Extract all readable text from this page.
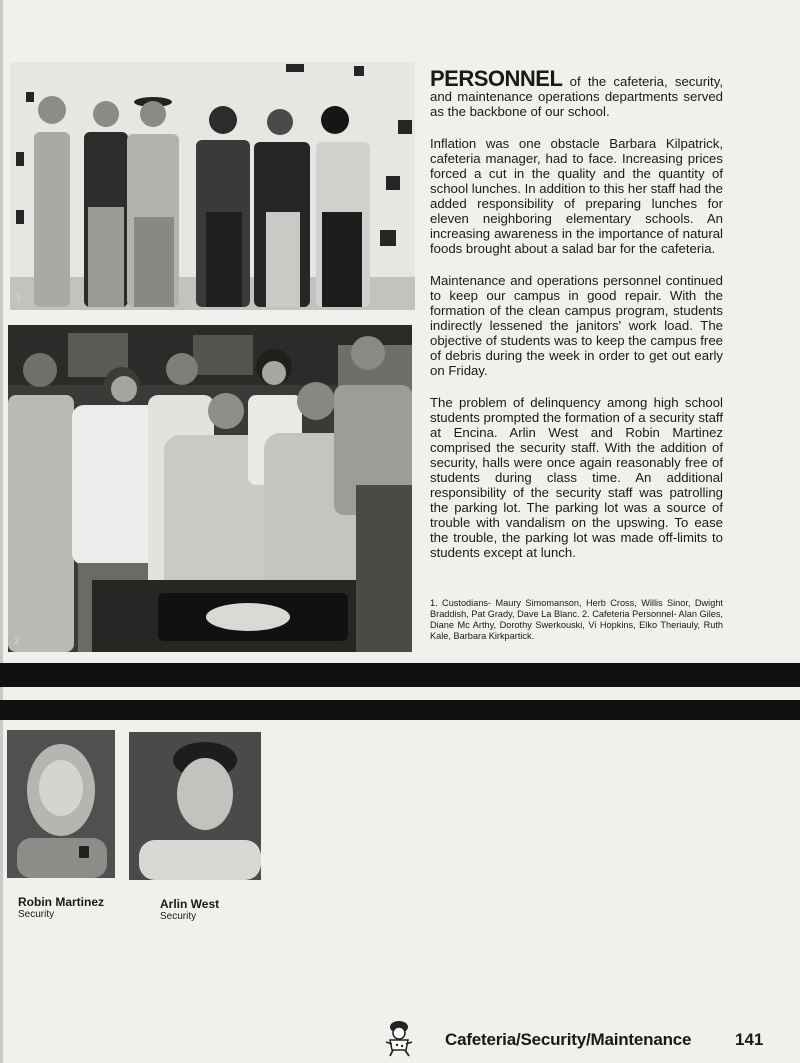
1
2

PERSONNEL of the cafeteria, security, and maintenance operations departments served as the backbone of our school.

Inflation was one obstacle Barbara Kilpatrick, cafeteria manager, had to face. Increasing prices forced a cut in the quality and the quantity of school lunches. In addition to this her staff had the added responsibility of preparing lunches for eleven neighboring elementary schools. An increasing awareness in the importance of natural foods brought about a salad bar for the cafeteria.

Maintenance and operations personnel continued to keep our campus in good repair. With the formation of the clean campus program, students indirectly lessened the janitors' work load. The objective of students was to keep the campus free of debris during the week in order to get out early on Friday.

The problem of delinquency among high school students prompted the formation of a security staff at Encina. Arlin West and Robin Martinez comprised the security staff. With the addition of security, halls were once again reasonably free of students during class time. An additional responsibility of the security staff was patrolling the parking lot. The parking lot was a source of trouble with vandalism on the upswing. To ease the trouble, the parking lot was made off-limits to students except at lunch.

1. Custodians- Maury Simomanson, Herb Cross, Willis Sinor, Dwight Braddish, Pat Grady, Dave La Blanc. 2. Cafeteria Personnel- Alan Giles, Diane Mc Arthy, Dorothy Swerkouski, Vi Hopkins, Elko Theriauly, Ruth Kale, Barbara Kirkpartick.

Robin Martinez

Security

Arlin West

Security

Cafeteria/Security/Maintenance	141
